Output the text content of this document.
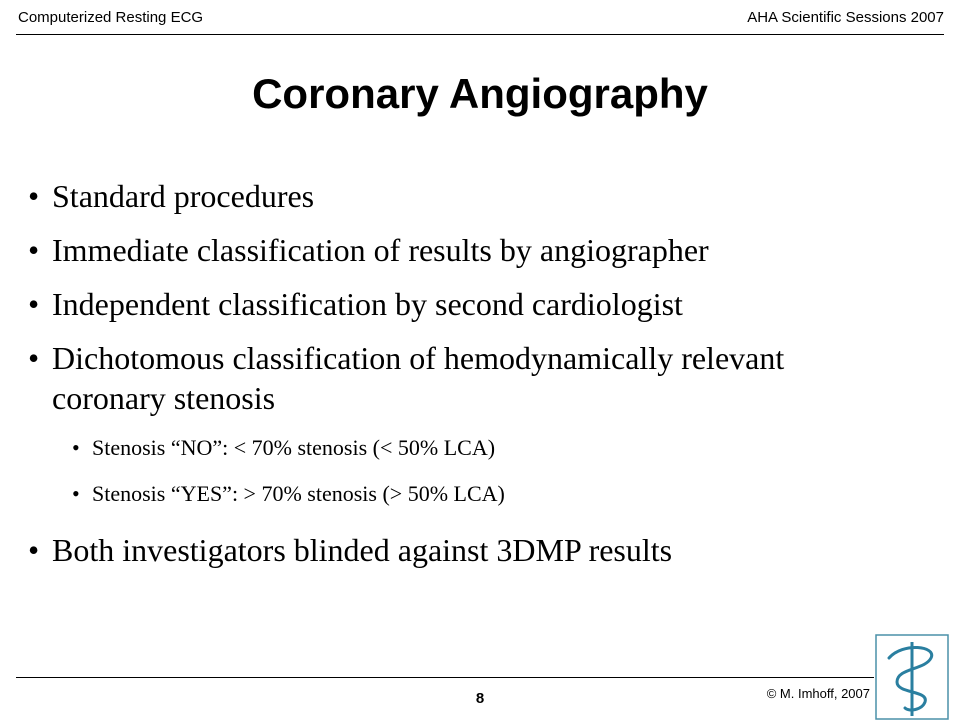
Computerized Resting ECG	AHA Scientific Sessions 2007
Coronary Angiography
• Standard procedures
• Immediate classification of results by angiographer
• Independent classification by second cardiologist
• Dichotomous classification of hemodynamically relevant coronary stenosis
• Stenosis “NO”: < 70% stenosis (< 50% LCA)
• Stenosis “YES”: > 70% stenosis (> 50% LCA)
• Both investigators blinded against 3DMP results
© M. Imhoff, 2007
8
